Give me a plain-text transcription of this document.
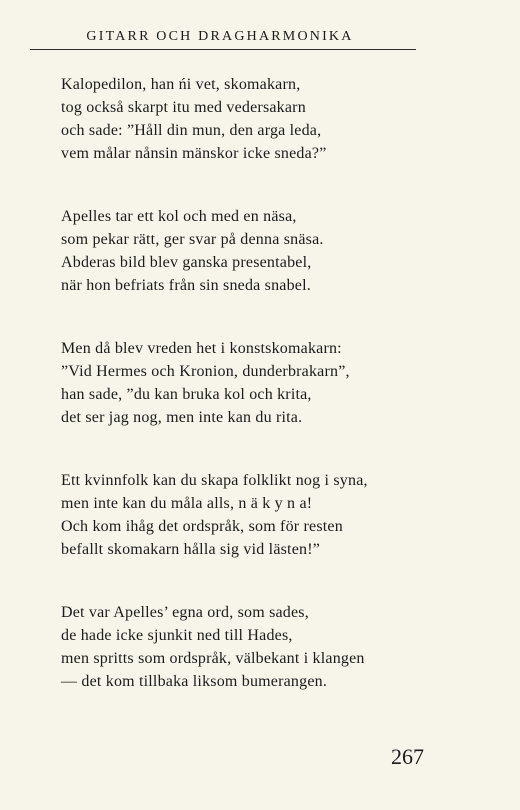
GITARR OCH DRAGHARMONIKA
Kalopedilon, han ńi vet, skomakarn,
tog också skarpt itu med vedersakarn
och sade: ”Håll din mun, den arga leda,
vem målar nånsin mänskor icke sneda?”
Apelles tar ett kol och med en näsa,
som pekar rätt, ger svar på denna snäsa.
Abderas bild blev ganska presentabel,
när hon befriats från sin sneda snabel.
Men då blev vreden het i konstskomakarn:
”Vid Hermes och Kronion, dunderbrakarn”,
han sade, ”du kan bruka kol och krita,
det ser jag nog, men inte kan du rita.
Ett kvinnfolk kan du skapa folklikt nog i syna,
men inte kan du måla alls, n ä k y n a!
Och kom ihåg det ordspråk, som för resten
befallt skomakarn hålla sig vid lästen!”
Det var Apelles’ egna ord, som sades,
de hade icke sjunkit ned till Hades,
men spritts som ordspråk, välbekant i klangen
— det kom tillbaka liksom bumerangen.
267
